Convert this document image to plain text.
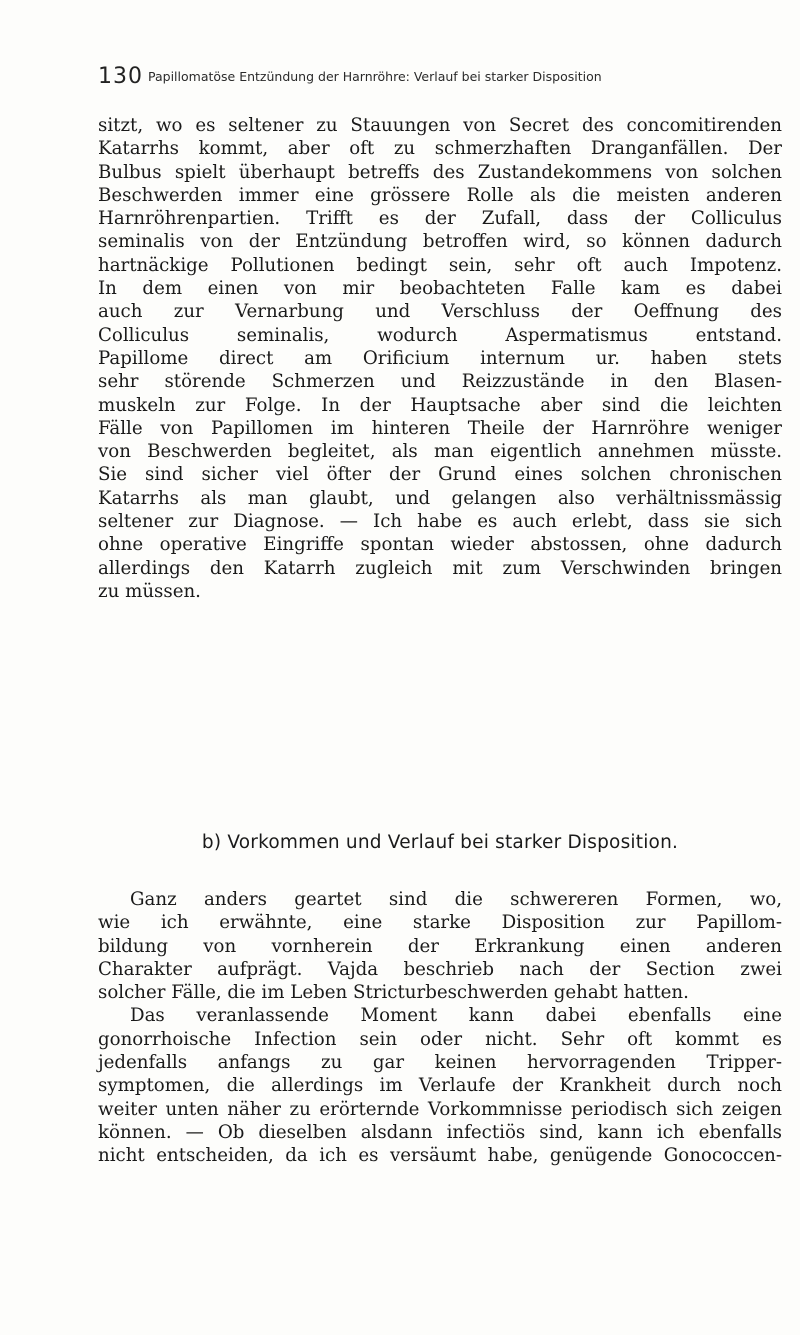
130 Papillomatöse Entzündung der Harnröhre: Verlauf bei starker Disposition
sitzt, wo es seltener zu Stauungen von Secret des concomitirenden
Katarrhs kommt, aber oft zu schmerzhaften Dranganfällen. Der
Bulbus spielt überhaupt betreffs des Zustandekommens von solchen
Beschwerden immer eine grössere Rolle als die meisten anderen
Harnröhrenpartien. Trifft es der Zufall, dass der Colliculus
seminalis von der Entzündung betroffen wird, so können dadurch
hartnäckige Pollutionen bedingt sein, sehr oft auch Impotenz.
In dem einen von mir beobachteten Falle kam es dabei
auch zur Vernarbung und Verschluss der Oeffnung des
Colliculus seminalis, wodurch Aspermatismus entstand.
Papillome direct am Orificium internum ur. haben stets
sehr störende Schmerzen und Reizzustände in den Blasen-
muskeln zur Folge. In der Hauptsache aber sind die leichten
Fälle von Papillomen im hinteren Theile der Harnröhre weniger
von Beschwerden begleitet, als man eigentlich annehmen müsste.
Sie sind sicher viel öfter der Grund eines solchen chronischen
Katarrhs als man glaubt, und gelangen also verhältnissmässig
seltener zur Diagnose. — Ich habe es auch erlebt, dass sie sich
ohne operative Eingriffe spontan wieder abstossen, ohne dadurch
allerdings den Katarrh zugleich mit zum Verschwinden bringen
zu müssen.
b) Vorkommen und Verlauf bei starker Disposition.
Ganz anders geartet sind die schwereren Formen, wo,
wie ich erwähnte, eine starke Disposition zur Papillom-
bildung von vornherein der Erkrankung einen anderen
Charakter aufprägt. Vajda beschrieb nach der Section zwei
solcher Fälle, die im Leben Stricturbeschwerden gehabt hatten.
Das veranlassende Moment kann dabei ebenfalls eine
gonorrhoische Infection sein oder nicht. Sehr oft kommt es
jedenfalls anfangs zu gar keinen hervorragenden Tripper-
symptomen, die allerdings im Verlaufe der Krankheit durch noch
weiter unten näher zu erörternde Vorkommnisse periodisch sich zeigen
können. — Ob dieselben alsdann infectiös sind, kann ich ebenfalls
nicht entscheiden, da ich es versäumt habe, genügende Gonococcen-
